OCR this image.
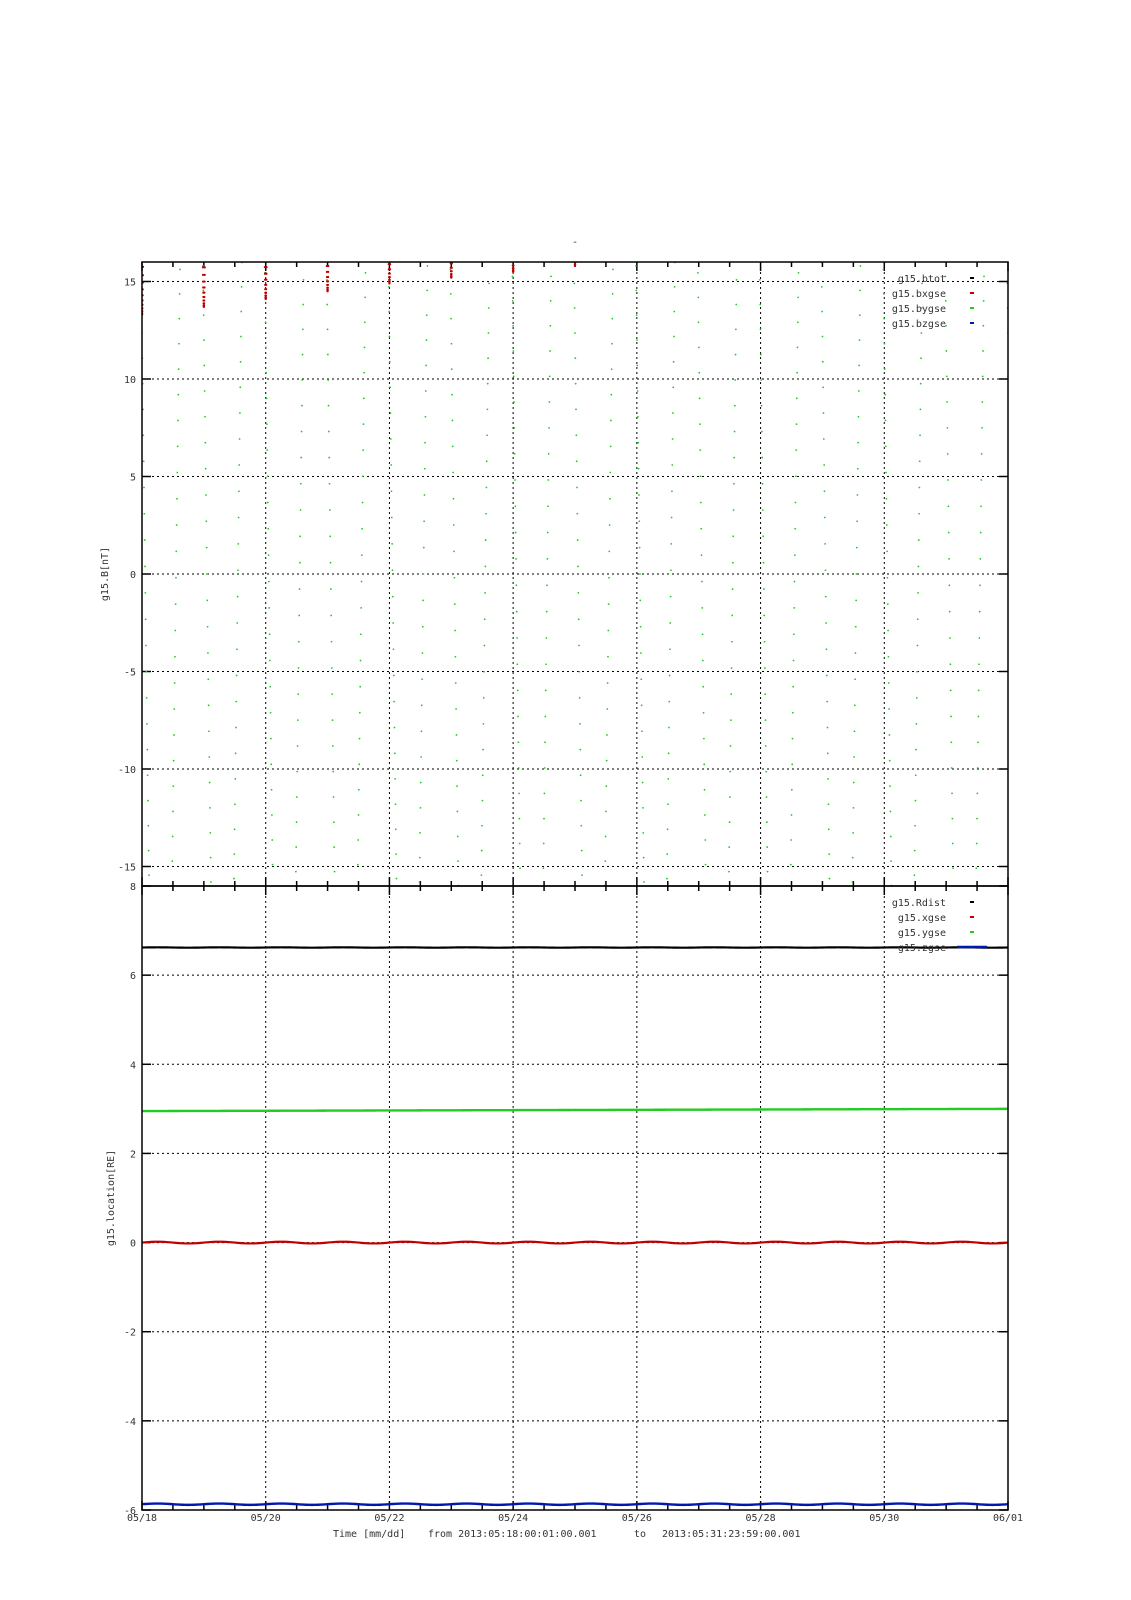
-
-15
-10
-5
0
5
10
15
g15.B[nT]
g15.btot
g15.bxgse
g15.bygse
g15.bzgse
-6
-4
-2
0
2
4
6
8
g15.location[RE]
g15.Rdist
g15.xgse
g15.ygse
g15.zgse
05/18	05/20	05/22	05/24	05/26	05/28	05/30	06/01
Time [mm/dd] from 2013:05:18:00:01:00.001	to 2013:05:31:23:59:00.001
